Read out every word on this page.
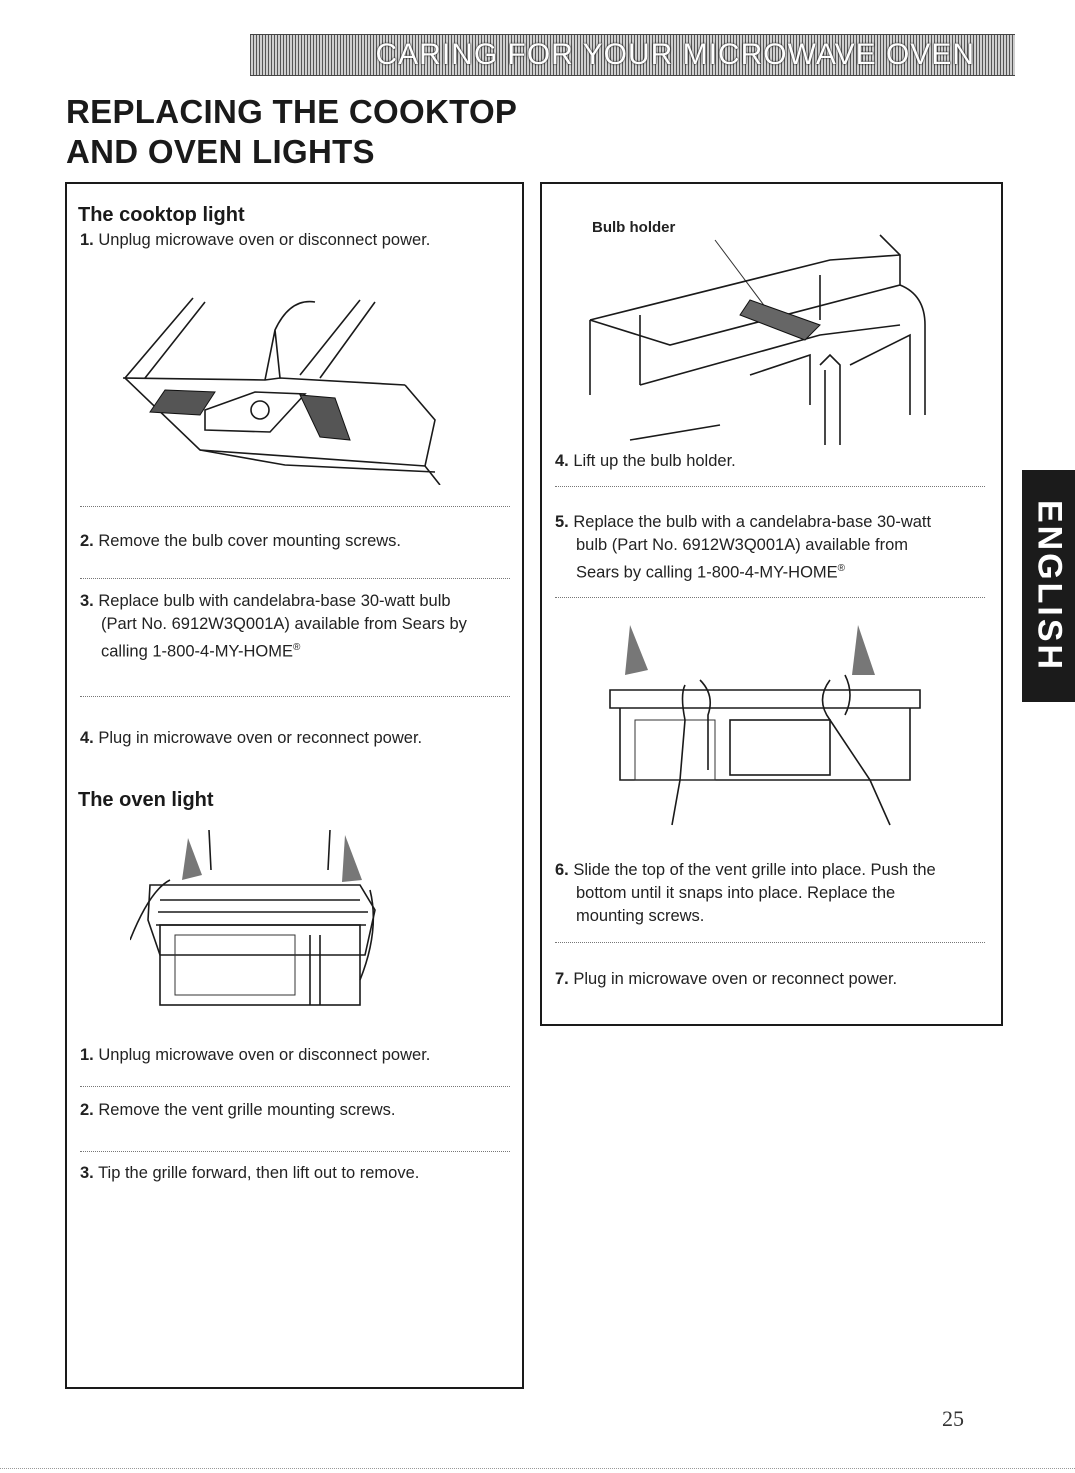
CARING FOR YOUR MICROWAVE OVEN
REPLACING THE COOKTOP
AND OVEN LIGHTS
The cooktop light
1. Unplug microwave oven or disconnect power.
2. Remove the bulb cover mounting screws.
3. Replace bulb with candelabra-base 30-watt bulb
(Part No. 6912W3Q001A) available from Sears by
calling 1-800-4-MY-HOME®
4. Plug in microwave oven or reconnect power.
The oven light
1. Unplug microwave oven or disconnect power.
2. Remove the vent grille mounting screws.
3. Tip the grille forward, then lift out to remove.
Bulb holder
4. Lift up the bulb holder.
5. Replace the bulb with a candelabra-base 30-watt
bulb (Part No. 6912W3Q001A) available from
Sears by calling 1-800-4-MY-HOME®
6. Slide the top of the vent grille into place. Push the
bottom until it snaps into place. Replace the
mounting screws.
7. Plug in microwave oven or reconnect power.
ENGLISH
25
